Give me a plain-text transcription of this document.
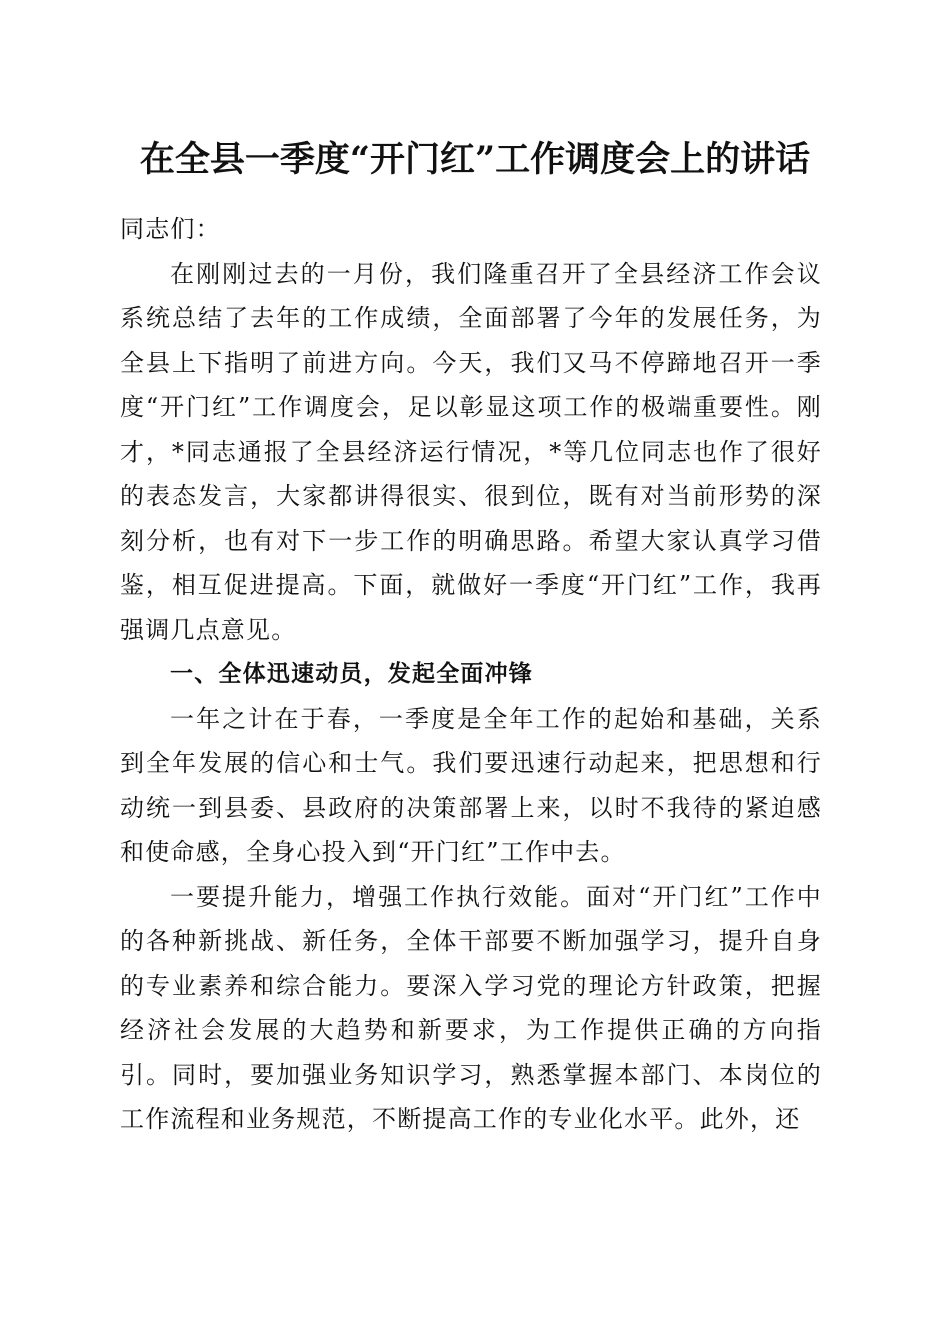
在全县一季度“开门红”工作调度会上的讲话

同志们：

在刚刚过去的一月份，我们隆重召开了全县经济工作会议系统总结了去年的工作成绩，全面部署了今年的发展任务，为全县上下指明了前进方向。今天，我们又马不停蹄地召开一季度“开门红”工作调度会，足以彰显这项工作的极端重要性。刚才，*同志通报了全县经济运行情况，*等几位同志也作了很好的表态发言，大家都讲得很实、很到位，既有对当前形势的深刻分析，也有对下一步工作的明确思路。希望大家认真学习借鉴，相互促进提高。下面，就做好一季度“开门红”工作，我再强调几点意见。

一、全体迅速动员，发起全面冲锋

一年之计在于春，一季度是全年工作的起始和基础，关系到全年发展的信心和士气。我们要迅速行动起来，把思想和行动统一到县委、县政府的决策部署上来，以时不我待的紧迫感和使命感，全身心投入到“开门红”工作中去。

一要提升能力，增强工作执行效能。面对“开门红”工作中的各种新挑战、新任务，全体干部要不断加强学习，提升自身的专业素养和综合能力。要深入学习党的理论方针政策，把握经济社会发展的大趋势和新要求，为工作提供正确的方向指引。同时，要加强业务知识学习，熟悉掌握本部门、本岗位的工作流程和业务规范，不断提高工作的专业化水平。此外，还
